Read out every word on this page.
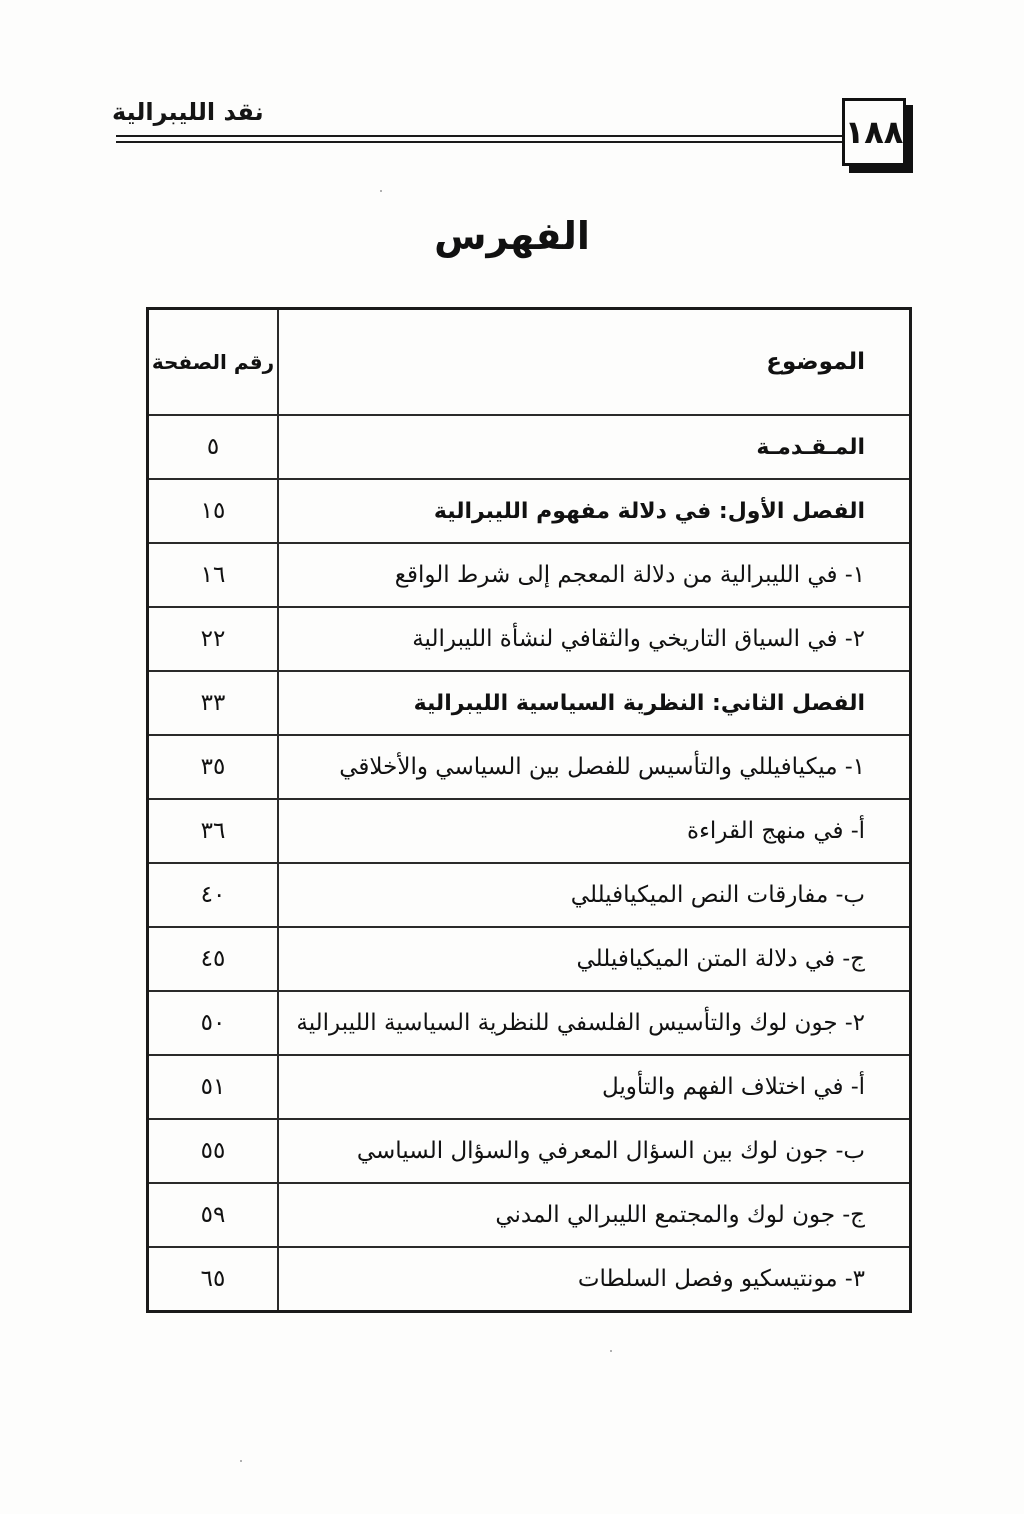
نقد الليبرالية
١٨٨
الفهرس
الموضوع	رقم الصفحة
المـقـدمـة	٥
الفصل الأول: في دلالة مفهوم الليبرالية	١٥
١- في الليبرالية من دلالة المعجم إلى شرط الواقع	١٦
٢- في السياق التاريخي والثقافي لنشأة الليبرالية	٢٢
الفصل الثاني: النظرية السياسية الليبرالية	٣٣
١- ميكيافيللي والتأسيس للفصل بين السياسي والأخلاقي	٣٥
أ- في منهج القراءة	٣٦
ب- مفارقات النص الميكيافيللي	٤٠
ج- في دلالة المتن الميكيافيللي	٤٥
٢- جون لوك والتأسيس الفلسفي للنظرية السياسية الليبرالية	٥٠
أ- في اختلاف الفهم والتأويل	٥١
ب- جون لوك بين السؤال المعرفي والسؤال السياسي	٥٥
ج- جون لوك والمجتمع الليبرالي المدني	٥٩
٣- مونتيسكيو وفصل السلطات	٦٥
